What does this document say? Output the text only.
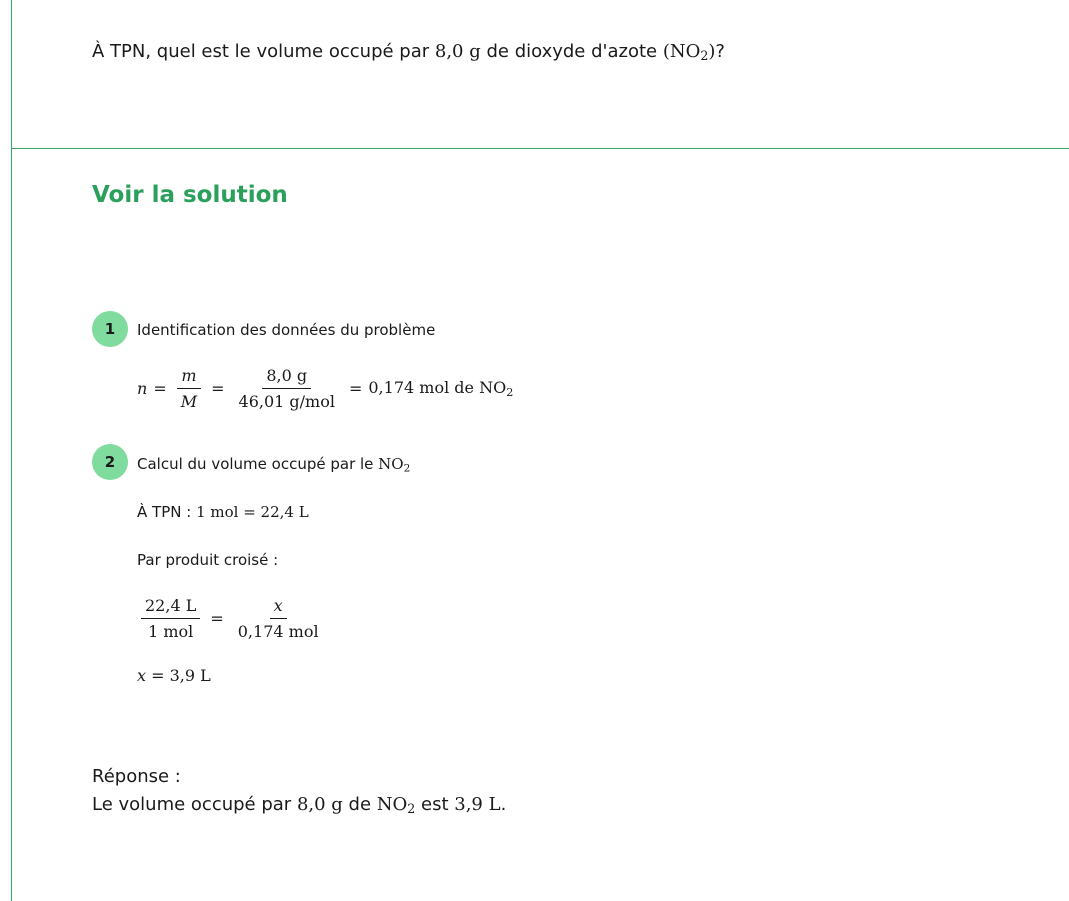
À TPN, quel est le volume occupé par 8,0 g de dioxyde d'azote $(NO_2)$?
Voir la solution
1	Identification des données du problème
$n = \frac{m}{M} = \frac{8,0 g}{\text{46,01 g/mol}} = 0,174$ mol de $NO_2$
2	Calcul du volume occupé par le $NO_2$
À TPN : 1 mol = 22,4 L
Par produit croisé :
$\frac{22,4 L}{\text{1 mol}} = \frac{x}{\text{0,174 mol}}$
x = 3,9 L
Réponse :
Le volume occupé par 8,0 g de $NO_2$ est 3,9 L.
